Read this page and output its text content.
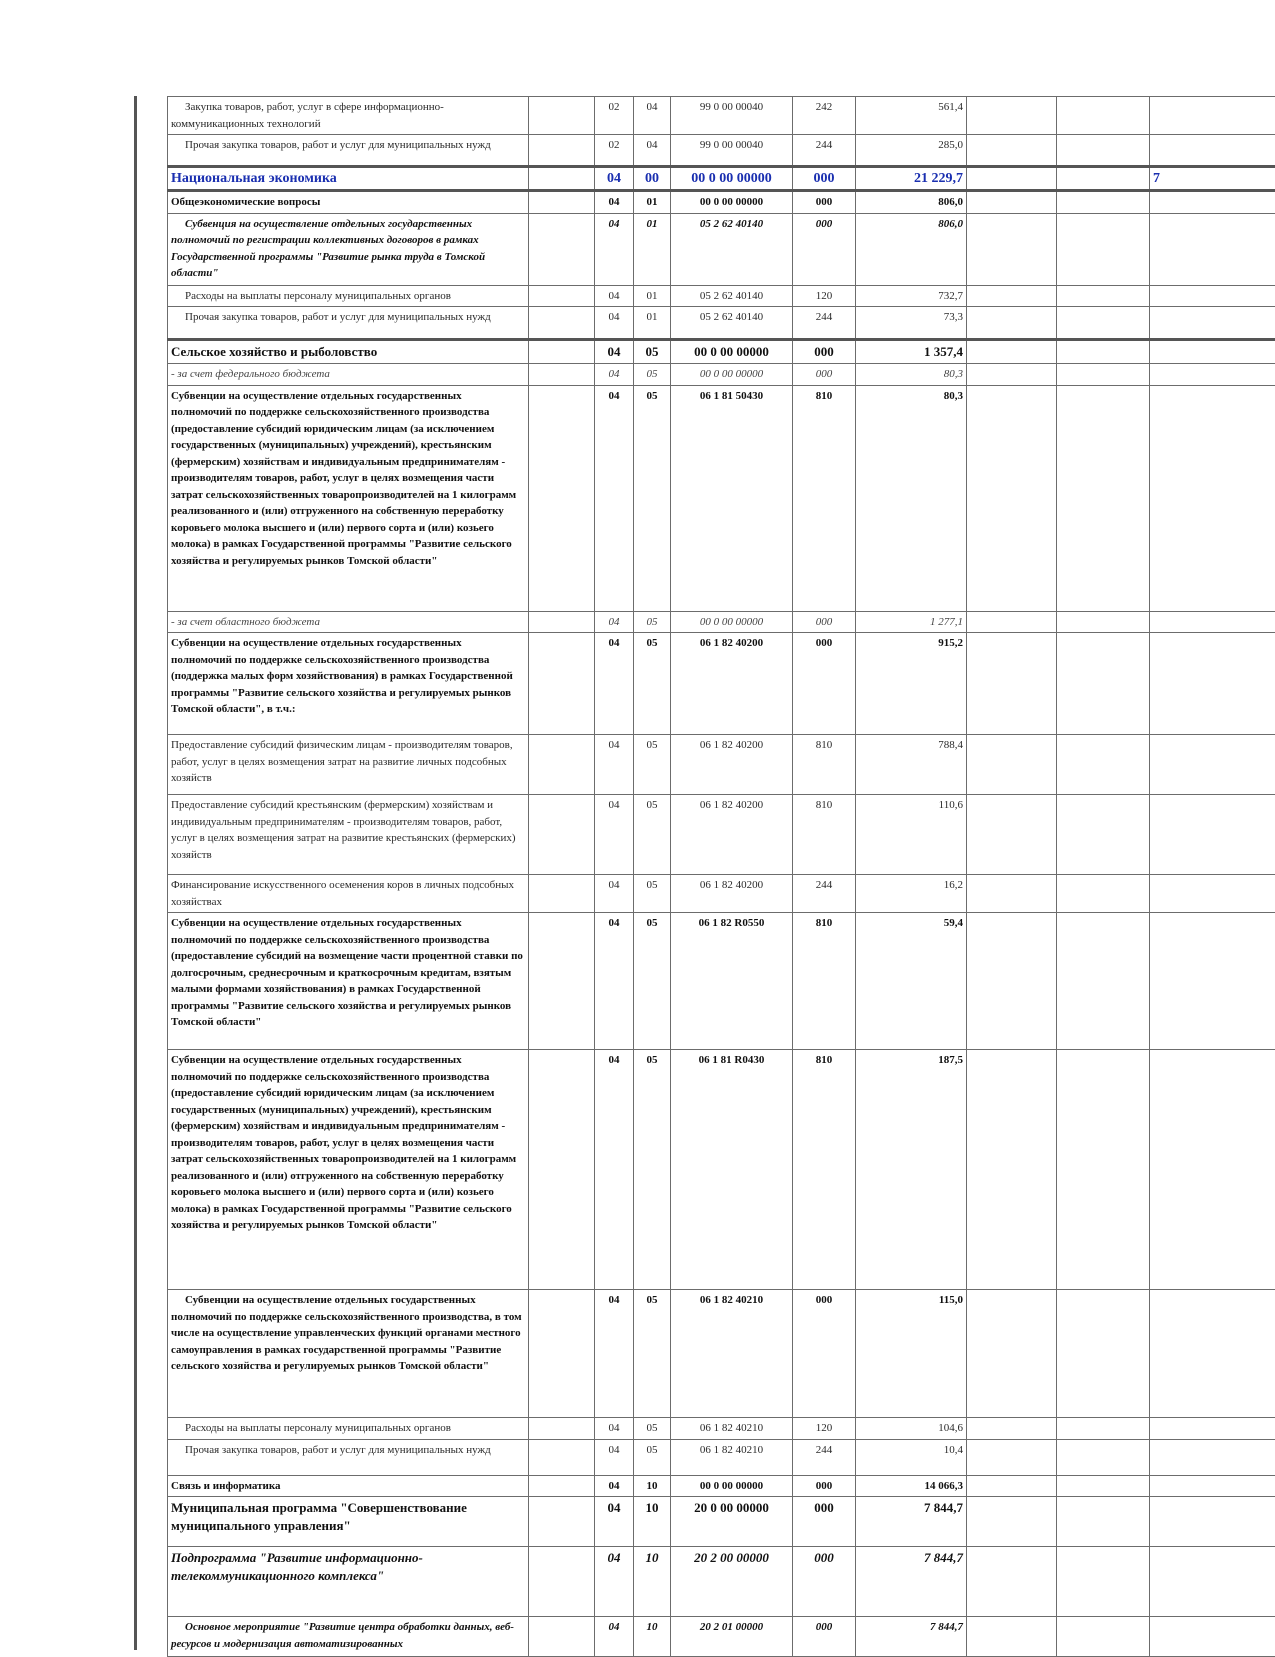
Закупка товаров, работ, услуг в сфере информационно-коммуникационных технологий		02	04	99 0 00 00040	242	561,4			
Прочая закупка товаров, работ и услуг для муниципальных нужд		02	04	99 0 00 00040	244	285,0			
Национальная экономика		04	00	00 0 00 00000	000	21 229,7			7
Общеэкономические вопросы		04	01	00 0 00 00000	000	806,0			
Субвенция на осуществление отдельных государственных полномочий по регистрации коллективных договоров в рамках Государственной программы "Развитие рынка труда в Томской области"		04	01	05 2 62 40140	000	806,0			
Расходы на выплаты персоналу муниципальных органов		04	01	05 2 62 40140	120	732,7			
Прочая закупка товаров, работ и услуг для муниципальных нужд		04	01	05 2 62 40140	244	73,3			
Сельское хозяйство и рыболовство		04	05	00 0 00 00000	000	1 357,4			
- за счет федерального бюджета		04	05	00 0 00 00000	000	80,3			
Субвенции на осуществление отдельных государственных полномочий по поддержке сельскохозяйственного производства (предоставление субсидий юридическим лицам (за исключением государственных (муниципальных) учреждений), крестьянским (фермерским) хозяйствам и индивидуальным предпринимателям - производителям товаров, работ, услуг в целях возмещения части затрат сельскохозяйственных товаропроизводителей на 1 килограмм реализованного и (или) отгруженного на собственную переработку коровьего молока высшего и (или) первого сорта и (или) козьего молока) в рамках Государственной программы "Развитие сельского хозяйства и регулируемых рынков Томской области"		04	05	06 1 81 50430	810	80,3			
- за счет областного бюджета		04	05	00 0 00 00000	000	1 277,1			
Субвенции на осуществление отдельных государственных полномочий по поддержке сельскохозяйственного производства (поддержка малых форм хозяйствования) в рамках Государственной программы "Развитие сельского хозяйства и регулируемых рынков Томской области", в т.ч.:		04	05	06 1 82 40200	000	915,2			
Предоставление субсидий физическим лицам - производителям товаров, работ, услуг в целях возмещения затрат на развитие личных подсобных хозяйств		04	05	06 1 82 40200	810	788,4			
Предоставление субсидий крестьянским (фермерским) хозяйствам и индивидуальным предпринимателям - производителям товаров, работ, услуг в целях возмещения затрат на развитие крестьянских (фермерских) хозяйств		04	05	06 1 82 40200	810	110,6			
Финансирование искусственного осеменения коров в личных подсобных хозяйствах		04	05	06 1 82 40200	244	16,2			
Субвенции на осуществление отдельных государственных полномочий по поддержке сельскохозяйственного производства (предоставление субсидий на возмещение части процентной ставки по долгосрочным, среднесрочным и краткосрочным кредитам, взятым малыми формами хозяйствования) в рамках Государственной программы "Развитие сельского хозяйства и регулируемых рынков Томской области"		04	05	06 1 82 R0550	810	59,4			
Субвенции на осуществление отдельных государственных полномочий по поддержке сельскохозяйственного производства (предоставление субсидий юридическим лицам (за исключением государственных (муниципальных) учреждений), крестьянским (фермерским) хозяйствам и индивидуальным предпринимателям - производителям товаров, работ, услуг в целях возмещения части затрат сельскохозяйственных товаропроизводителей на 1 килограмм реализованного и (или) отгруженного на собственную переработку коровьего молока высшего и (или) первого сорта и (или) козьего молока) в рамках Государственной программы "Развитие сельского хозяйства и регулируемых рынков Томской области"		04	05	06 1 81 R0430	810	187,5			
Субвенции на осуществление отдельных государственных полномочий по поддержке сельскохозяйственного производства, в том числе на осуществление управленческих функций органами местного самоуправления в рамках государственной программы "Развитие сельского хозяйства и регулируемых рынков Томской области"		04	05	06 1 82 40210	000	115,0			
Расходы на выплаты персоналу муниципальных органов		04	05	06 1 82 40210	120	104,6			
Прочая закупка товаров, работ и услуг для муниципальных нужд		04	05	06 1 82 40210	244	10,4			
Связь и информатика		04	10	00 0 00 00000	000	14 066,3			
Муниципальная программа "Совершенствование муниципального управления"		04	10	20 0 00 00000	000	7 844,7			
Подпрограмма "Развитие информационно-телекоммуникационного комплекса"		04	10	20 2 00 00000	000	7 844,7			
Основное мероприятие "Развитие центра обработки данных, веб-ресурсов и модернизация автоматизированных		04	10	20 2 01 00000	000	7 844,7			
